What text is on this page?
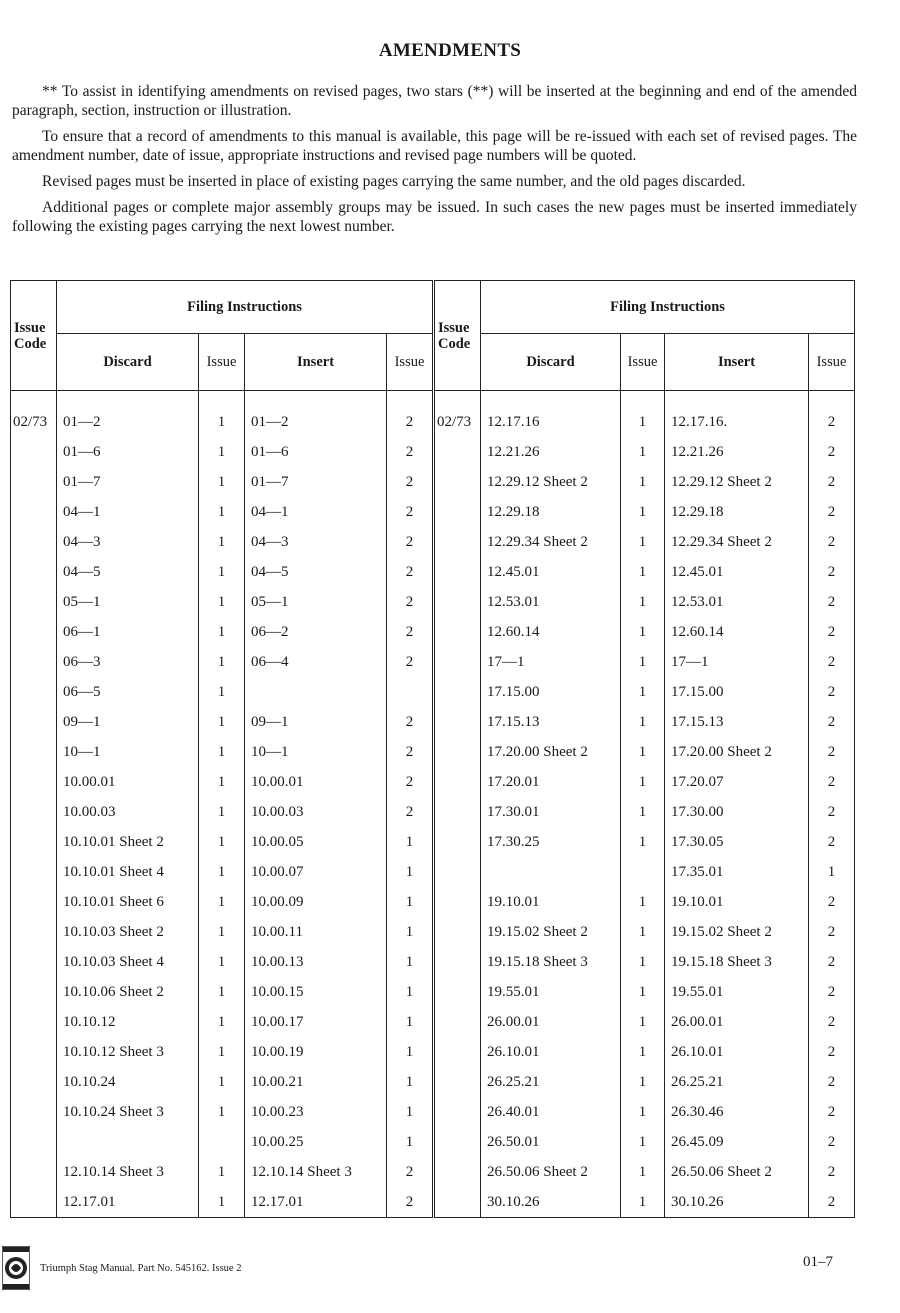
AMENDMENTS

** To assist in identifying amendments on revised pages, two stars (**) will be inserted at the beginning and end of the amended paragraph, section, instruction or illustration.

To ensure that a record of amendments to this manual is available, this page will be re-issued with each set of revised pages. The amendment number, date of issue, appropriate instructions and revised page numbers will be quoted.

Revised pages must be inserted in place of existing pages carrying the same number, and the old pages discarded.

Additional pages or complete major assembly groups may be issued. In such cases the new pages must be inserted immediately following the existing pages carrying the next lowest number.

Issue Code	Filing Instructions			
	Discard	Issue	Insert	Issue
02/73	01—2	1	01—2	2
	01—6	1	01—6	2
	01—7	1	01—7	2
	04—1	1	04—1	2
	04—3	1	04—3	2
	04—5	1	04—5	2
	05—1	1	05—1	2
	06—1	1	06—2	2
	06—3	1	06—4	2
	06—5	1		
	09—1	1	09—1	2
	10—1	1	10—1	2
	10.00.01	1	10.00.01	2
	10.00.03	1	10.00.03	2
	10.10.01 Sheet 2	1	10.00.05	1
	10.10.01 Sheet 4	1	10.00.07	1
	10.10.01 Sheet 6	1	10.00.09	1
	10.10.03 Sheet 2	1	10.00.11	1
	10.10.03 Sheet 4	1	10.00.13	1
	10.10.06 Sheet 2	1	10.00.15	1
	10.10.12	1	10.00.17	1
	10.10.12 Sheet 3	1	10.00.19	1
	10.10.24	1	10.00.21	1
	10.10.24 Sheet 3	1	10.00.23	1
			10.00.25	1
	12.10.14 Sheet 3	1	12.10.14 Sheet 3	2
	12.17.01	1	12.17.01	2
Issue Code	Filing Instructions			
	Discard	Issue	Insert	Issue
02/73	12.17.16	1	12.17.16.	2
	12.21.26	1	12.21.26	2
	12.29.12 Sheet 2	1	12.29.12 Sheet 2	2
	12.29.18	1	12.29.18	2
	12.29.34 Sheet 2	1	12.29.34 Sheet 2	2
	12.45.01	1	12.45.01	2
	12.53.01	1	12.53.01	2
	12.60.14	1	12.60.14	2
	17—1	1	17—1	2
	17.15.00	1	17.15.00	2
	17.15.13	1	17.15.13	2
	17.20.00 Sheet 2	1	17.20.00 Sheet 2	2
	17.20.01	1	17.20.07	2
	17.30.01	1	17.30.00	2
	17.30.25	1	17.30.05	2
			17.35.01	1
	19.10.01	1	19.10.01	2
	19.15.02 Sheet 2	1	19.15.02 Sheet 2	2
	19.15.18 Sheet 3	1	19.15.18 Sheet 3	2
	19.55.01	1	19.55.01	2
	26.00.01	1	26.00.01	2
	26.10.01	1	26.10.01	2
	26.25.21	1	26.25.21	2
	26.40.01	1	26.30.46	2
	26.50.01	1	26.45.09	2
	26.50.06 Sheet 2	1	26.50.06 Sheet 2	2
	30.10.26	1	30.10.26	2
Triumph Stag Manual. Part No. 545162. Issue 2	01–7
